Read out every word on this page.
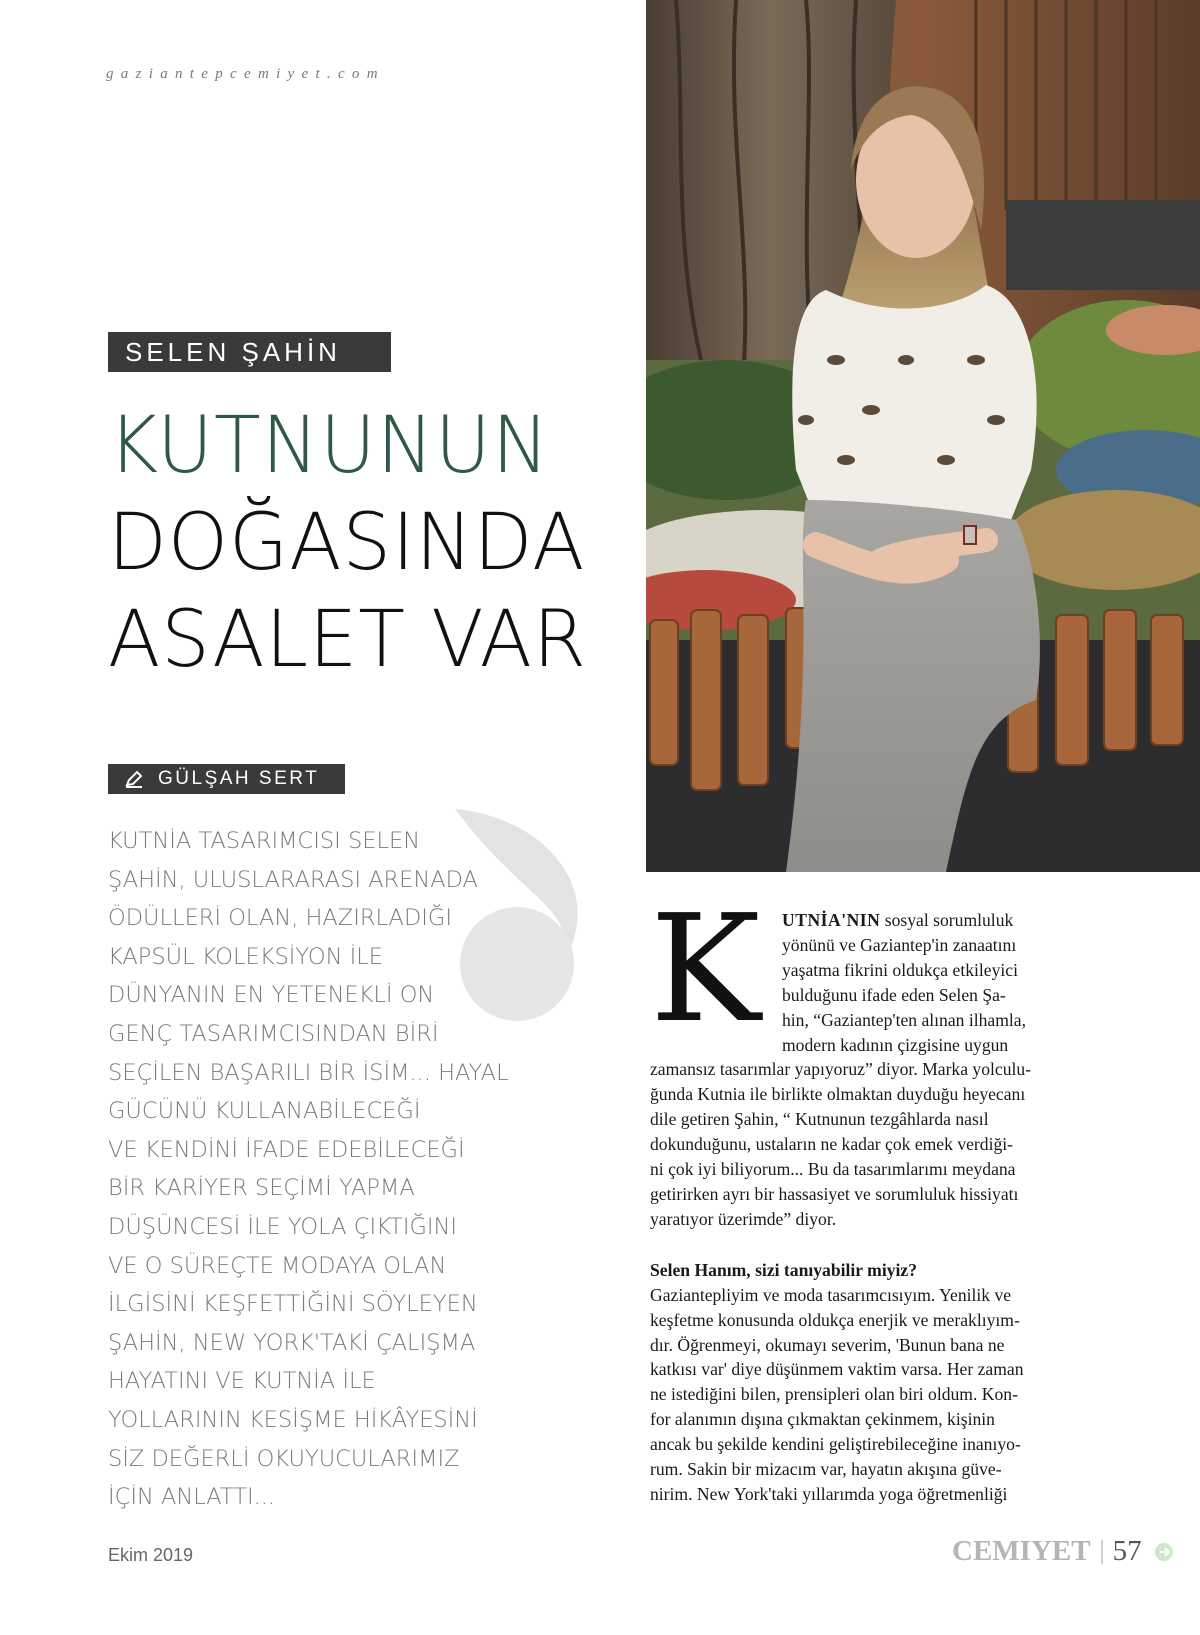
gaziantepcemiyet.com
SELEN ŞAHİN
KUTNUNUN
DOĞASINDA
ASALET VAR
GÜLŞAH SERT
KUTNİA TASARIMCISI SELEN
ŞAHİN, ULUSLARARASI ARENADA
ÖDÜLLERİ OLAN, HAZIRLADIĞI
KAPSÜL KOLEKSİYON İLE
DÜNYANIN EN YETENEKLİ ON
GENÇ TASARIMCISINDAN BİRİ
SEÇİLEN BAŞARILI BİR İSİM... HAYAL
GÜCÜNÜ KULLANABİLECEĞİ
VE KENDİNİ İFADE EDEBİLECEĞİ
BİR KARİYER SEÇİMİ YAPMA
DÜŞÜNCESİ İLE YOLA ÇIKTIĞINI
VE O SÜREÇTE MODAYA OLAN
İLGİSİNİ KEŞFETTİĞİNİ SÖYLEYEN
ŞAHİN, NEW YORK'TAKİ ÇALIŞMA
HAYATINI VE KUTNİA İLE
YOLLARININ KESİŞME HİKÂYESİNİ
SİZ DEĞERLİ OKUYUCULARIMIZ
İÇİN ANLATTI...
K	UTNİA'NIN sosyal sorumluluk
yönünü ve Gaziantep'in zanaatını
yaşatma fikrini oldukça etkileyici
bulduğunu ifade eden Selen Şa-
hin, “Gaziantep'ten alınan ilhamla,
modern kadının çizgisine uygun
zamansız tasarımlar yapıyoruz” diyor. Marka yolculu-
ğunda Kutnia ile birlikte olmaktan duyduğu heyecanı
dile getiren Şahin, “ Kutnunun tezgâhlarda nasıl
dokunduğunu, ustaların ne kadar çok emek verdiği-
ni çok iyi biliyorum... Bu da tasarımlarımı meydana
getirirken ayrı bir hassasiyet ve sorumluluk hissiyatı
yaratıyor üzerimde” diyor.
Selen Hanım, sizi tanıyabilir miyiz?
Gaziantepliyim ve moda tasarımcısıyım. Yenilik ve
keşfetme konusunda oldukça enerjik ve meraklıyım-
dır. Öğrenmeyi, okumayı severim, 'Bunun bana ne
katkısı var' diye düşünmem vaktim varsa. Her zaman
ne istediğini bilen, prensipleri olan biri oldum. Kon-
for alanımın dışına çıkmaktan çekinmem, kişinin
ancak bu şekilde kendini geliştirebileceğine inanıyo-
rum. Sakin bir mizacım var, hayatın akışına güve-
nirim. New York'taki yıllarımda yoga öğretmenliği
Ekim 2019	CEMIYET 57
